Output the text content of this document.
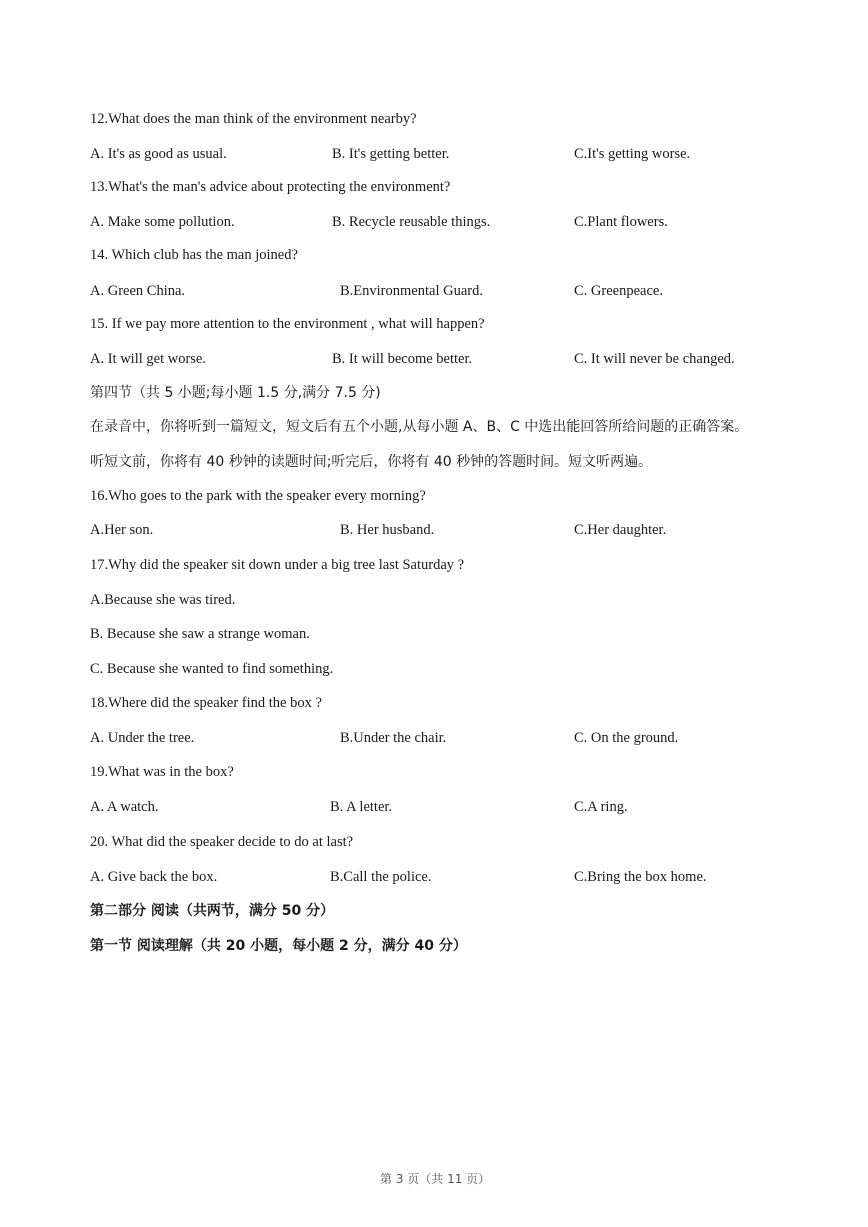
12.What does the man think of the environment nearby?
A. It's as good as usual.	B. It's getting better.	C.It's getting worse.
13.What's the man's advice about protecting the environment?
A. Make some pollution.	B. Recycle reusable things.	C.Plant flowers.
14. Which club has the man joined?
A. Green China.	B.Environmental Guard.	C. Greenpeace.
15. If we pay more attention to the environment , what will happen?
A. It will get worse.	B. It will become better.	C. It will never be changed.
第四节（共 5 小题;每小题 1.5 分,满分 7.5 分)
在录音中，你将听到一篇短文，短文后有五个小题,从每小题 A、B、C 中选出能回答所给问题的正确答案。
听短文前，你将有 40 秒钟的读题时间;听完后，你将有 40 秒钟的答题时间。短文听两遍。
16.Who goes to the park with the speaker every morning?
A.Her son.	B. Her husband.	C.Her daughter.
17.Why did the speaker sit down under a big tree last Saturday ?
A.Because she was tired.
B. Because she saw a strange woman.
C. Because she wanted to find something.
18.Where did the speaker find the box ?
A. Under the tree.	B.Under the chair.	C. On the ground.
19.What was in the box?
A. A watch.	B. A letter.	C.A ring.
20. What did the speaker decide to do at last?
A. Give back the box.	B.Call the police.	C.Bring the box home.
第二部分 阅读（共两节，满分 50 分）
第一节 阅读理解（共 20 小题，每小题 2 分，满分 40 分）
第 3 页（共 11 页）
